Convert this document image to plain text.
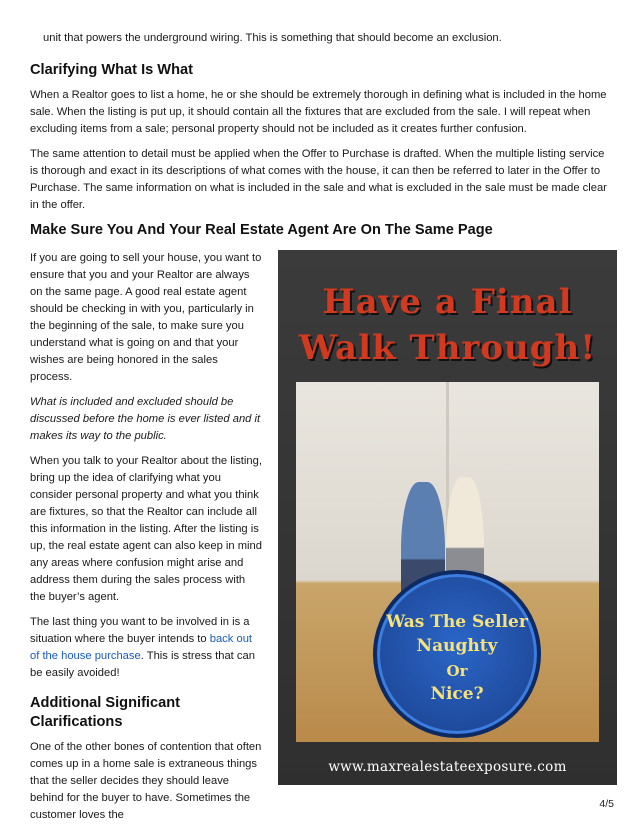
unit that powers the underground wiring. This is something that should become an exclusion.

Clarifying What Is What

When a Realtor goes to list a home, he or she should be extremely thorough in defining what is included in the home sale. When the listing is put up, it should contain all the fixtures that are excluded from the sale. I will repeat when excluding items from a sale; personal property should not be included as it creates further confusion.

The same attention to detail must be applied when the Offer to Purchase is drafted. When the multiple listing service is thorough and exact in its descriptions of what comes with the house, it can then be referred to later in the Offer to Purchase. The same information on what is included in the sale and what is excluded in the sale must be made clear in the offer.

Make Sure You And Your Real Estate Agent Are On The Same Page

If you are going to sell your house, you want to ensure that you and your Realtor are always on the same page. A good real estate agent should be checking in with you, particularly in the beginning of the sale, to make sure you understand what is going on and that your wishes are being honored in the sales process.

What is included and excluded should be discussed before the home is ever listed and it makes its way to the public.

When you talk to your Realtor about the listing, bring up the idea of clarifying what you consider personal property and what you think are fixtures, so that the Realtor can include all this information in the listing. After the listing is up, the real estate agent can also keep in mind any areas where confusion might arise and address them during the sales process with the buyer’s agent.

The last thing you want to be involved in is a situation where the buyer intends to back out of the house purchase. This is stress that can be easily avoided!

Additional Significant Clarifications

One of the other bones of contention that often comes up in a home sale is extraneous things that the seller decides they should leave behind for the buyer to have. Sometimes the customer loves the

Have a Final
Walk Through!
Was The Seller
Naughty
Or
Nice?
www.maxrealestateexposure.com
4/5
